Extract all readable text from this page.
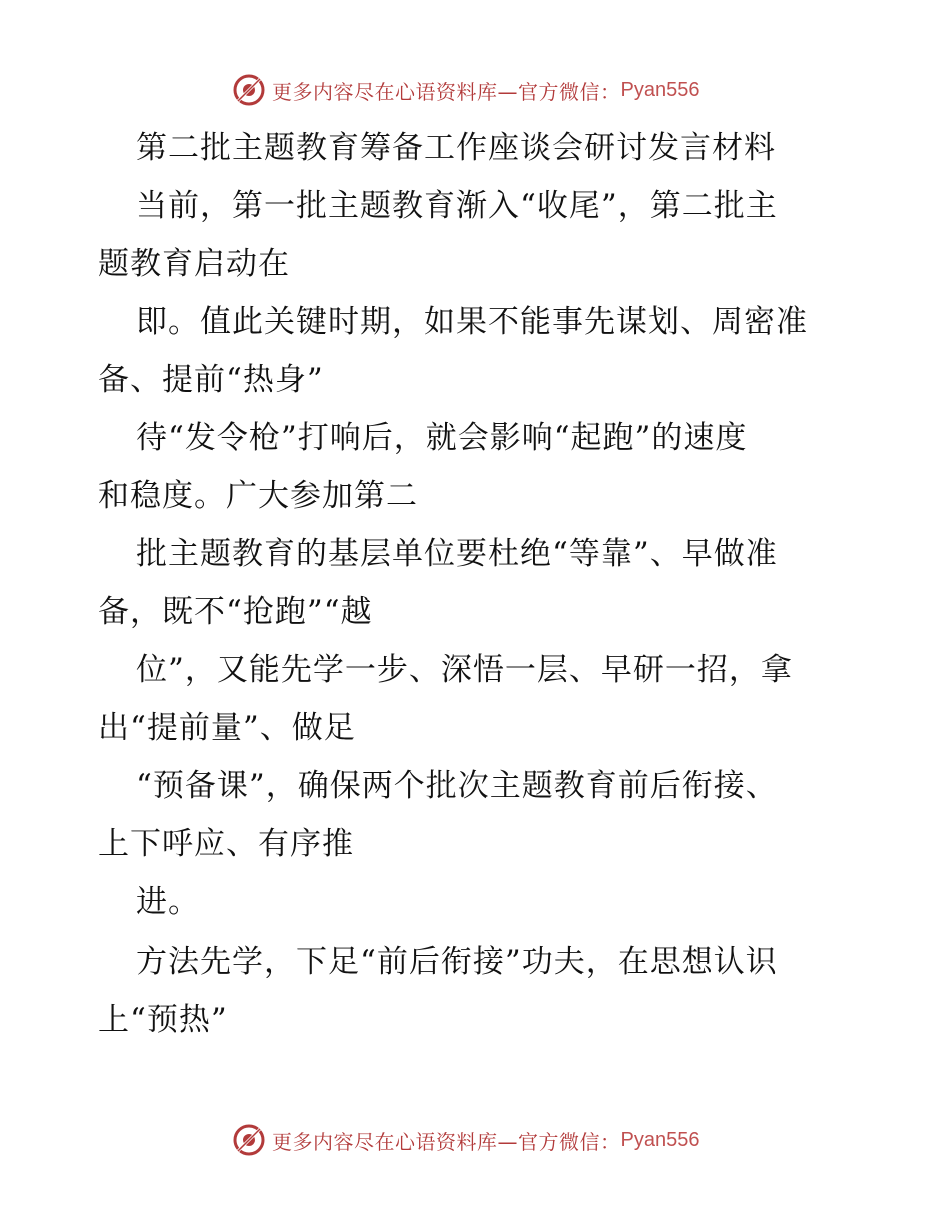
更多内容尽在心语资料库—官方微信： Pyan556
第二批主题教育筹备工作座谈会研讨发言材料
当前，第一批主题教育渐入“收尾”，第二批主
题教育启动在
即。值此关键时期，如果不能事先谋划、周密准
备、提前“热身”
待“发令枪”打响后，就会影响“起跑”的速度
和稳度。广大参加第二
批主题教育的基层单位要杜绝“等靠”、早做准
备，既不“抢跑”“越
位”，又能先学一步、深悟一层、早研一招，拿
出“提前量”、做足
“预备课”，确保两个批次主题教育前后衔接、
上下呼应、有序推
进。
方法先学，下足“前后衔接”功夫，在思想认识
上“预热”
更多内容尽在心语资料库—官方微信： Pyan556
